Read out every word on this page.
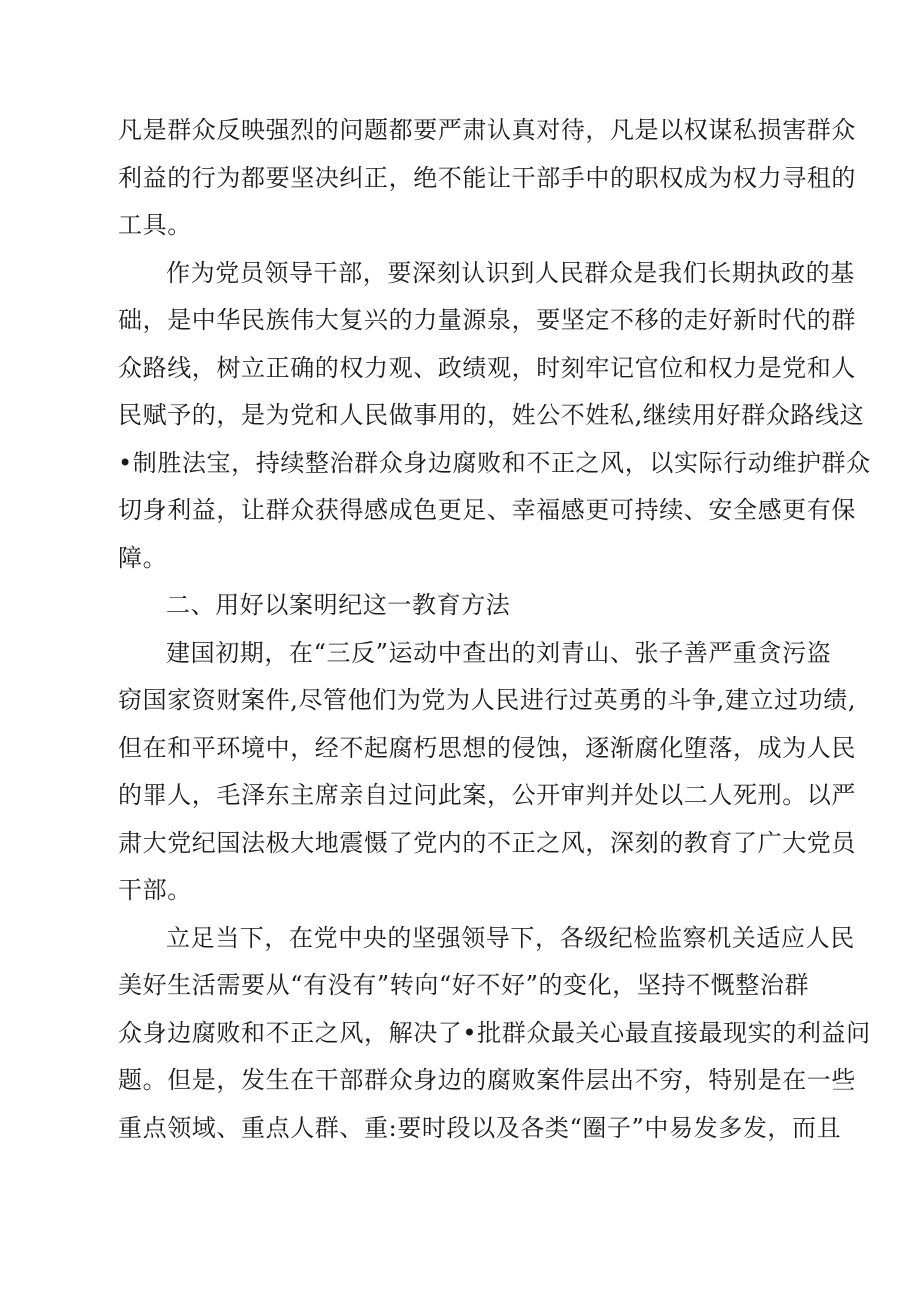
凡是群众反映强烈的问题都要严肃认真对待，凡是以权谋私损害群众
利益的行为都要坚决纠正，绝不能让干部手中的职权成为权力寻租的
工具。

作为党员领导干部，要深刻认识到人民群众是我们长期执政的基
础，是中华民族伟大复兴的力量源泉，要坚定不移的走好新时代的群
众路线，树立正确的权力观、政绩观，时刻牢记官位和权力是党和人
民赋予的，是为党和人民做事用的，姓公不姓私,继续用好群众路线这
•制胜法宝，持续整治群众身边腐败和不正之风，以实际行动维护群众
切身利益，让群众获得感成色更足、幸福感更可持续、安全感更有保
障。

二、用好以案明纪这一教育方法

建国初期，在“三反”运动中查出的刘青山、张子善严重贪污盗
窃国家资财案件,尽管他们为党为人民进行过英勇的斗争,建立过功绩,
但在和平环境中，经不起腐朽思想的侵蚀，逐渐腐化堕落，成为人民
的罪人，毛泽东主席亲自过问此案，公开审判并处以二人死刑。以严
肃大党纪国法极大地震慑了党内的不正之风，深刻的教育了广大党员
干部。

立足当下，在党中央的坚强领导下，各级纪检监察机关适应人民
美好生活需要从“有没有”转向“好不好”的变化，坚持不慨整治群
众身边腐败和不正之风，解决了•批群众最关心最直接最现实的利益问
题。但是，发生在干部群众身边的腐败案件层出不穷，特别是在一些
重点领域、重点人群、重:要时段以及各类“圈子”中易发多发，而且
